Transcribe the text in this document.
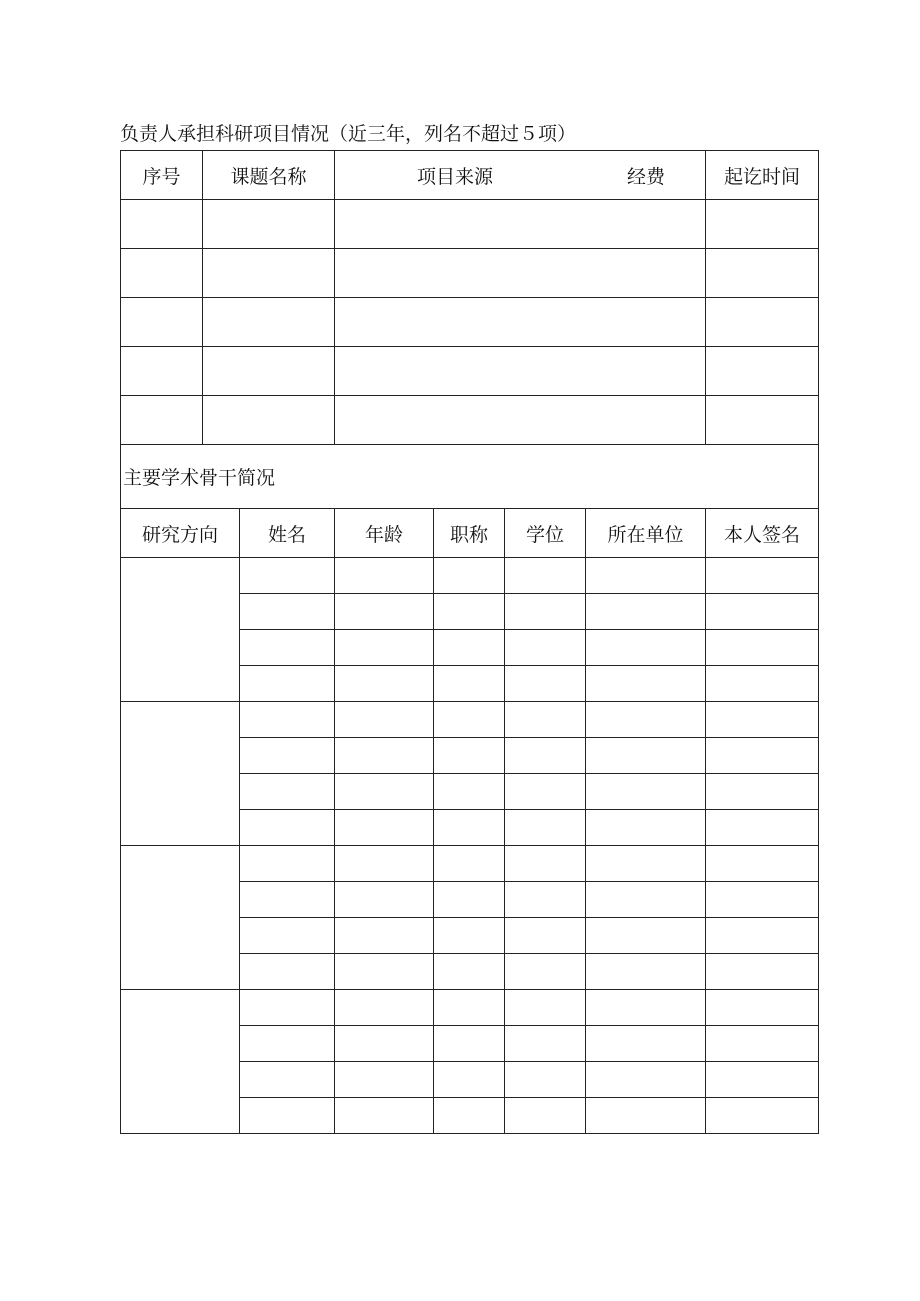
负责人承担科研项目情况（近三年，列名不超过５项）
序号	课题名称		项目来源 经费				起讫时间

主要学术骨干简况							
研究方向		姓名	年龄	职称	学位	所在单位	本人签名
